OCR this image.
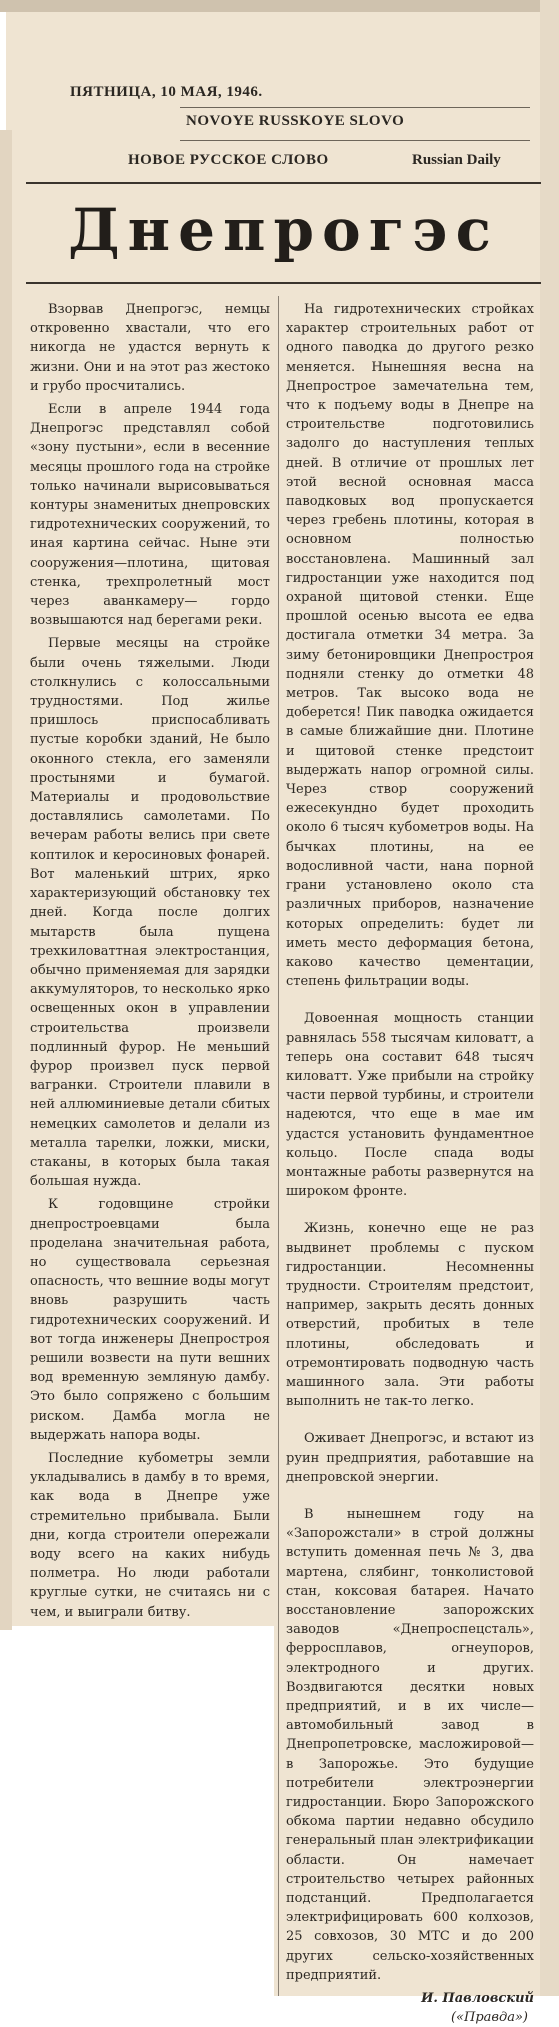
ПЯТНИЦА, 10 МАЯ, 1946.
NOVOYE RUSSKOYE SLOVO
НОВОЕ РУССКОЕ СЛОВО	Russian Daily
Днепрогэс

Взорвав Днепрогэс, немцы откровенно хвастали, что его никогда не удастся вернуть к жизни. Они и на этот раз жестоко и грубо просчитались.

Если в апреле 1944 года Днепрогэс представлял собой «зону пустыни», если в весенние месяцы прошлого года на стройке только начинали вырисовываться контуры знаменитых днепровских гидротехнических сооружений, то иная картина сейчас. Ныне эти сооружения—плотина, щитовая стенка, трехпролетный мост через аванкамеру— гордо возвышаются над берегами реки.

Первые месяцы на стройке были очень тяжелыми. Люди столкнулись с колоссальными трудностями. Под жилье пришлось приспосабливать пустые коробки зданий, Не было оконного стекла, его заменяли простынями и бумагой. Материалы и продовольствие доставлялись самолетами. По вечерам работы велись при свете коптилок и керосиновых фонарей. Вот маленький штрих, ярко характеризующий обстановку тех дней. Когда после долгих мытарств была пущена трехкиловаттная электростанция, обычно применяемая для зарядки аккумуляторов, то несколько ярко освещенных окон в управлении строительства произвели подлинный фурор. Не меньший фурор произвел пуск первой вагранки. Строители плавили в ней аллюминиевые детали сбитых немецких самолетов и делали из металла тарелки, ложки, миски, стаканы, в которых была такая большая нужда.

К годовщине стройки днепростроевцами была проделана значительная работа, но существовала серьезная опасность, что вешние воды могут вновь разрушить часть гидротехнических сооружений. И вот тогда инженеры Днепростроя решили возвести на пути вешних вод временную земляную дамбу. Это было сопряжено с большим риском. Дамба могла не выдержать напора воды.

Последние кубометры земли укладывались в дамбу в то время, как вода в Днепре уже стремительно прибывала. Были дни, когда строители опережали воду всего на каких нибудь полметра. Но люди работали круглые сутки, не считаясь ни с чем, и выиграли битву.

На гидротехнических стройках характер строительных работ от одного паводка до другого резко меняется. Нынешняя весна на Днепрострое замечательна тем, что к подъему воды в Днепре на строительстве подготовились задолго до наступления теплых дней. В отличие от прошлых лет этой весной основная масса паводковых вод пропускается через гребень плотины, которая в основном полностью восстановлена. Машинный зал гидростанции уже находится под охраной щитовой стенки. Еще прошлой осенью высота ее едва достигала отметки 34 метра. За зиму бетонировщики Днепростроя подняли стенку до отметки 48 метров. Так высоко вода не доберется! Пик паводка ожидается в самые ближайшие дни. Плотине и щитовой стенке предстоит выдержать напор огромной силы. Через створ сооружений ежесекундно будет проходить около 6 тысяч кубометров воды. На бычках плотины, на ее водосливной части, нана порной грани установлено около ста различных приборов, назначение которых определить: будет ли иметь место деформация бетона, каково качество цементации, степень фильтрации воды.

Довоенная мощность станции равнялась 558 тысячам киловатт, а теперь она составит 648 тысяч киловатт. Уже прибыли на стройку части первой турбины, и строители надеются, что еще в мае им удастся установить фундаментное кольцо. После спада воды монтажные работы развернутся на широком фронте.

Жизнь, конечно еще не раз выдвинет проблемы с пуском гидростанции. Несомненны трудности. Строителям предстоит, например, закрыть десять донных отверстий, пробитых в теле плотины, обследовать и отремонтировать подводную часть машинного зала. Эти работы выполнить не так-то легко.

Оживает Днепрогэс, и встают из руин предприятия, работавшие на днепровской энергии.

В нынешнем году на «Запорожстали» в строй должны вступить доменная печь № 3, два мартена, слябинг, тонколистовой стан, коксовая батарея. Начато восстановление запорожских заводов «Днепроспецсталь», ферросплавов, огнеупоров, электродного и других. Воздвигаются десятки новых предприятий, и в их числе—автомобильный завод в Днепропетровске, масложировой—в Запорожье. Это будущие потребители электроэнергии гидростанции. Бюро Запорожского обкома партии недавно обсудило генеральный план электрификации области. Он намечает строительство четырех районных подстанций. Предполагается электрифицировать 600 колхозов, 25 совхозов, 30 МТС и до 200 других сельско-хозяйственных предприятий.

И. Павловский
(«Правда»)
